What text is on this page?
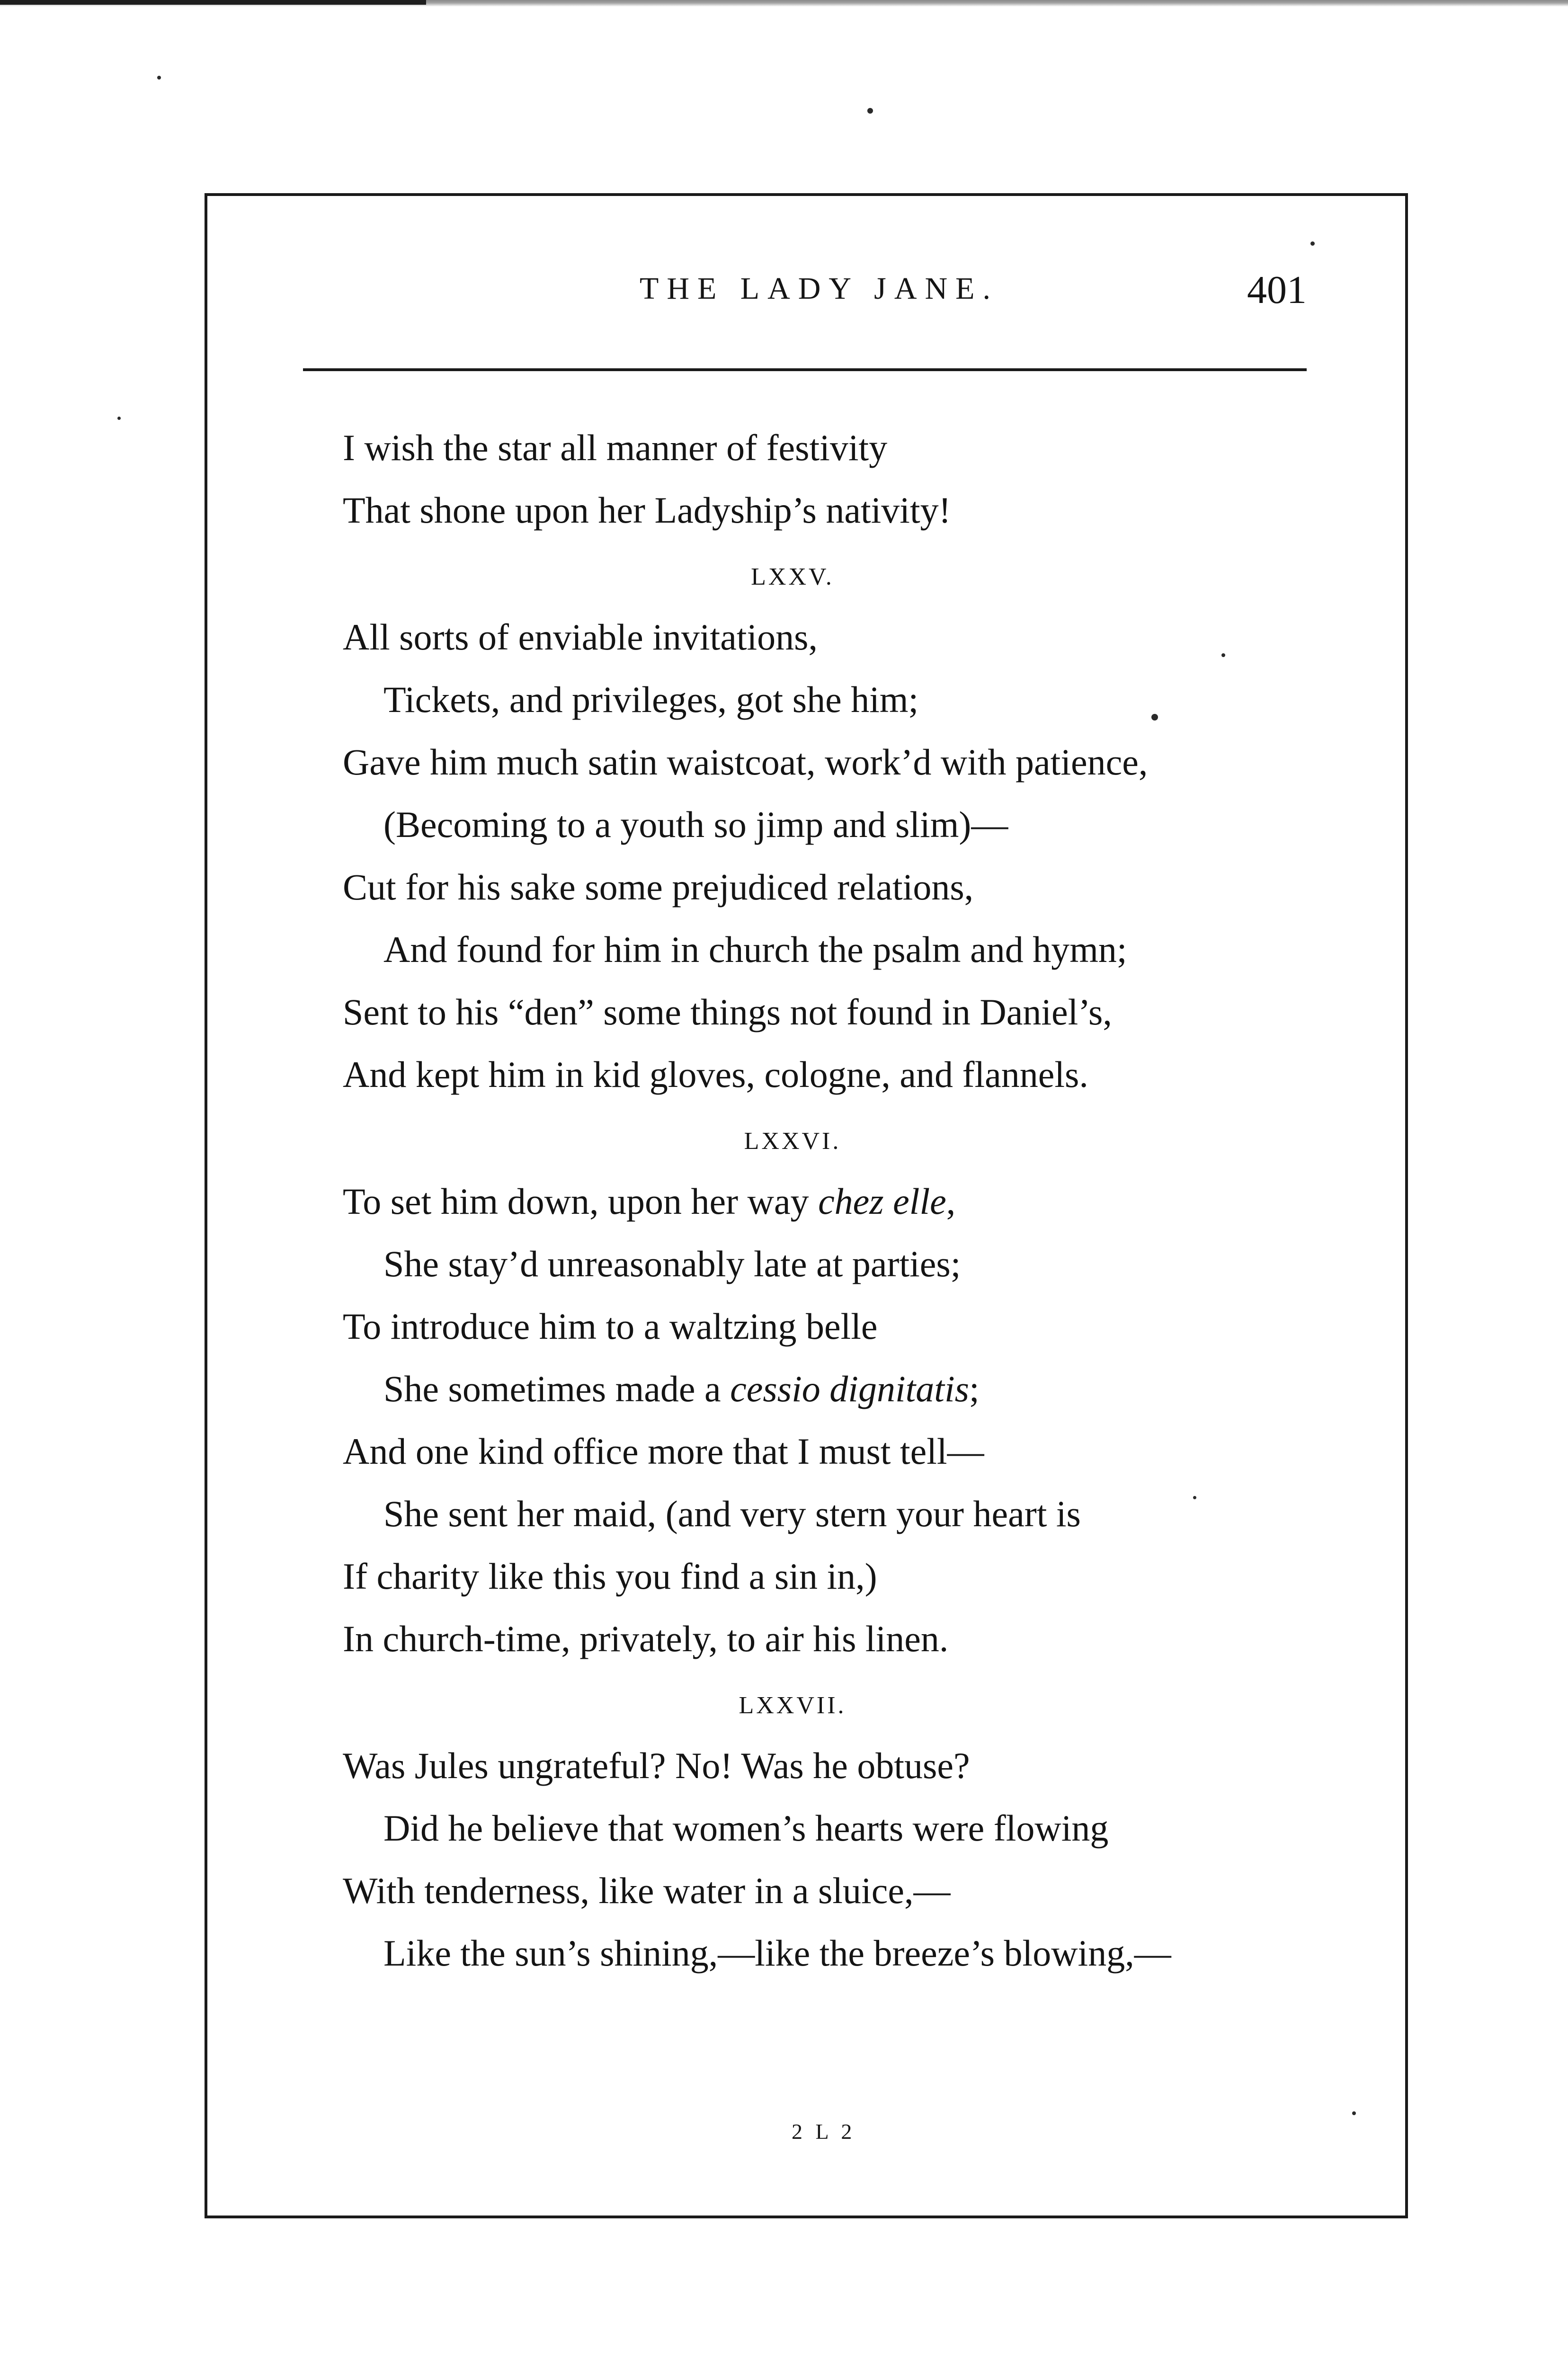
THE LADY JANE.	401
I wish the star all manner of festivity
That shone upon her Ladyship’s nativity!
LXXV.
All sorts of enviable invitations,
Tickets, and privileges, got she him;
Gave him much satin waistcoat, work’d with patience,
(Becoming to a youth so jimp and slim)—
Cut for his sake some prejudiced relations,
And found for him in church the psalm and hymn;
Sent to his “den” some things not found in Daniel’s,
And kept him in kid gloves, cologne, and flannels.
LXXVI.
To set him down, upon her way chez elle,
She stay’d unreasonably late at parties;
To introduce him to a waltzing belle
She sometimes made a cessio dignitatis;
And one kind office more that I must tell—
She sent her maid, (and very stern your heart is
If charity like this you find a sin in,)
In church-time, privately, to air his linen.
LXXVII.
Was Jules ungrateful? No! Was he obtuse?
Did he believe that women’s hearts were flowing
With tenderness, like water in a sluice,—
Like the sun’s shining,—like the breeze’s blowing,—
2 L 2
